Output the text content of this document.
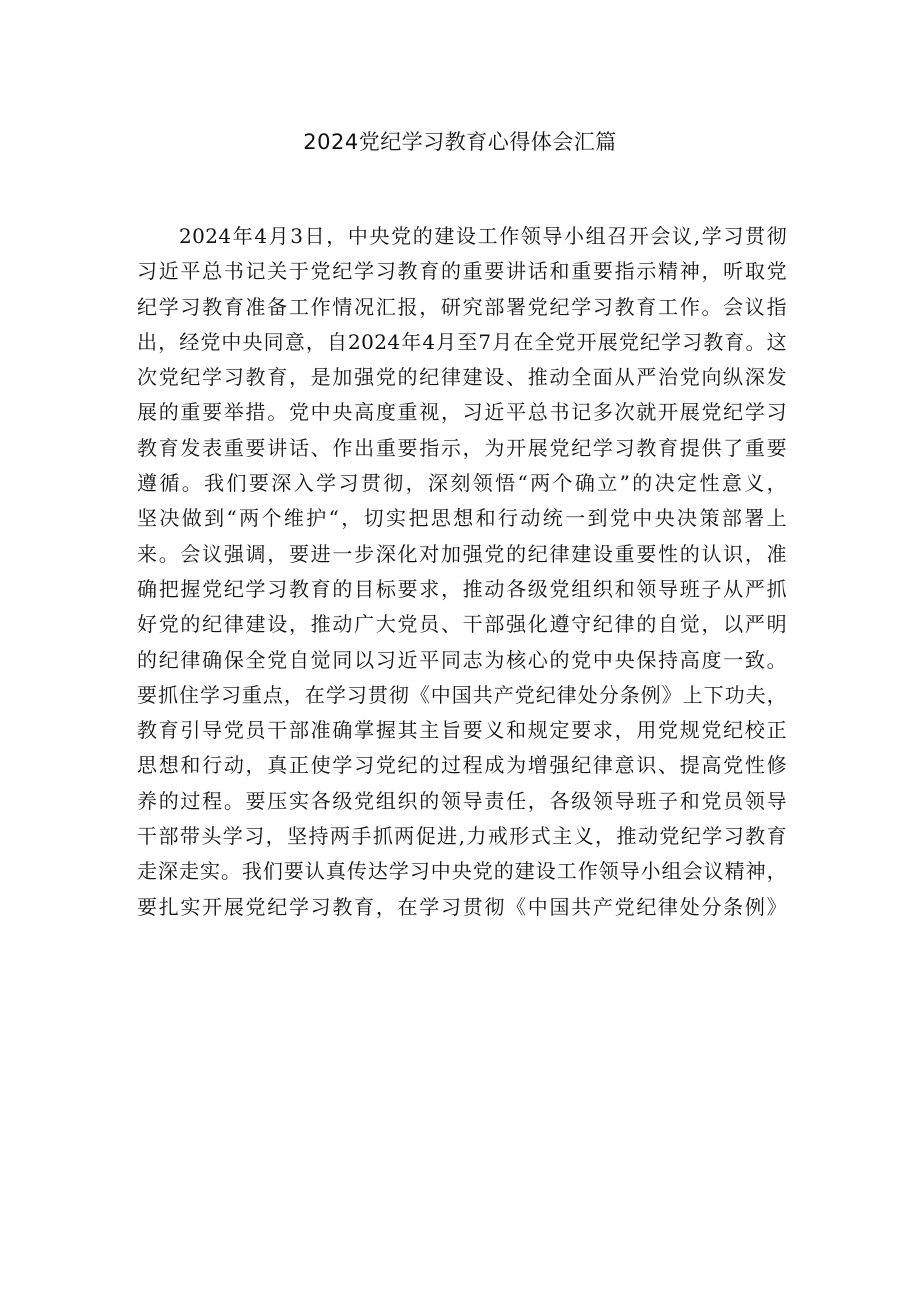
2024党纪学习教育心得体会汇篇
2024年4月3日，中央党的建设工作领导小组召开会议,学习贯彻
习近平总书记关于党纪学习教育的重要讲话和重要指示精神，听取党
纪学习教育准备工作情况汇报，研究部署党纪学习教育工作。会议指
出，经党中央同意，自2024年4月至7月在全党开展党纪学习教育。这
次党纪学习教育，是加强党的纪律建设、推动全面从严治党向纵深发
展的重要举措。党中央高度重视，习近平总书记多次就开展党纪学习
教育发表重要讲话、作出重要指示，为开展党纪学习教育提供了重要
遵循。我们要深入学习贯彻，深刻领悟“两个确立”的决定性意义，
坚决做到“两个维护“，切实把思想和行动统一到党中央决策部署上
来。会议强调，要进一步深化对加强党的纪律建设重要性的认识，准
确把握党纪学习教育的目标要求，推动各级党组织和领导班子从严抓
好党的纪律建设，推动广大党员、干部强化遵守纪律的自觉，以严明
的纪律确保全党自觉同以习近平同志为核心的党中央保持高度一致。
要抓住学习重点，在学习贯彻《中国共产党纪律处分条例》上下功夫，
教育引导党员干部准确掌握其主旨要义和规定要求，用党规党纪校正
思想和行动，真正使学习党纪的过程成为增强纪律意识、提高党性修
养的过程。要压实各级党组织的领导责任，各级领导班子和党员领导
干部带头学习，坚持两手抓两促进,力戒形式主义，推动党纪学习教育
走深走实。我们要认真传达学习中央党的建设工作领导小组会议精神，
要扎实开展党纪学习教育，在学习贯彻《中国共产党纪律处分条例》
